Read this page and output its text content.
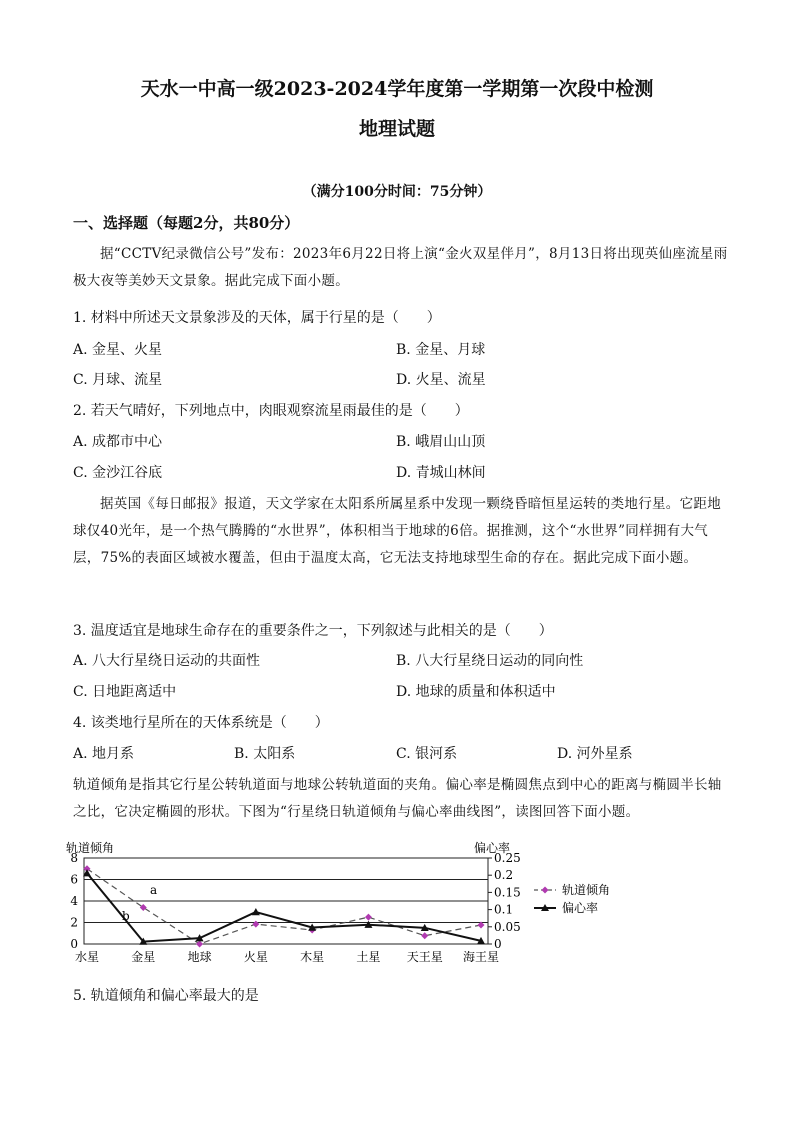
天水一中高一级2023-2024学年度第一学期第一次段中检测
地理试题
（满分100分时间：75分钟）
一、选择题（每题2分，共80分）
据“CCTV纪录微信公号”发布：2023年6月22日将上演“金火双星伴月”，8月13日将出现英仙座流星雨极大夜等美妙天文景象。据此完成下面小题。
1. 材料中所述天文景象涉及的天体，属于行星的是（　　）
A. 金星、火星	B. 金星、月球
C. 月球、流星	D. 火星、流星
2. 若天气晴好，下列地点中，肉眼观察流星雨最佳的是（　　）
A. 成都市中心	B. 峨眉山山顶
C. 金沙江谷底	D. 青城山林间
据英国《每日邮报》报道，天文学家在太阳系所属星系中发现一颗绕昏暗恒星运转的类地行星。它距地球仅40光年，是一个热气腾腾的“水世界”，体积相当于地球的6倍。据推测，这个“水世界”同样拥有大气层，75%的表面区域被水覆盖，但由于温度太高，它无法支持地球型生命的存在。据此完成下面小题。
3. 温度适宜是地球生命存在的重要条件之一，下列叙述与此相关的是（　　）
A. 八大行星绕日运动的共面性	B. 八大行星绕日运动的同向性
C. 日地距离适中	D. 地球的质量和体积适中
4. 该类地行星所在的天体系统是（　　）
A. 地月系	B. 太阳系	C. 银河系	D. 河外星系
轨道倾角是指其它行星公转轨道面与地球公转轨道面的夹角。偏心率是椭圆焦点到中心的距离与椭圆半长轴之比，它决定椭圆的形状。下图为“行星绕日轨道倾角与偏心率曲线图”，读图回答下面小题。
0
2
4
6
8
0
0.05
0.1
0.15
0.2
0.25
水星	金星	地球	火星	木星	土星 天王星 海王星
轨道倾角	偏心率
a
b
轨道倾角
偏心率
5. 轨道倾角和偏心率最大的是
